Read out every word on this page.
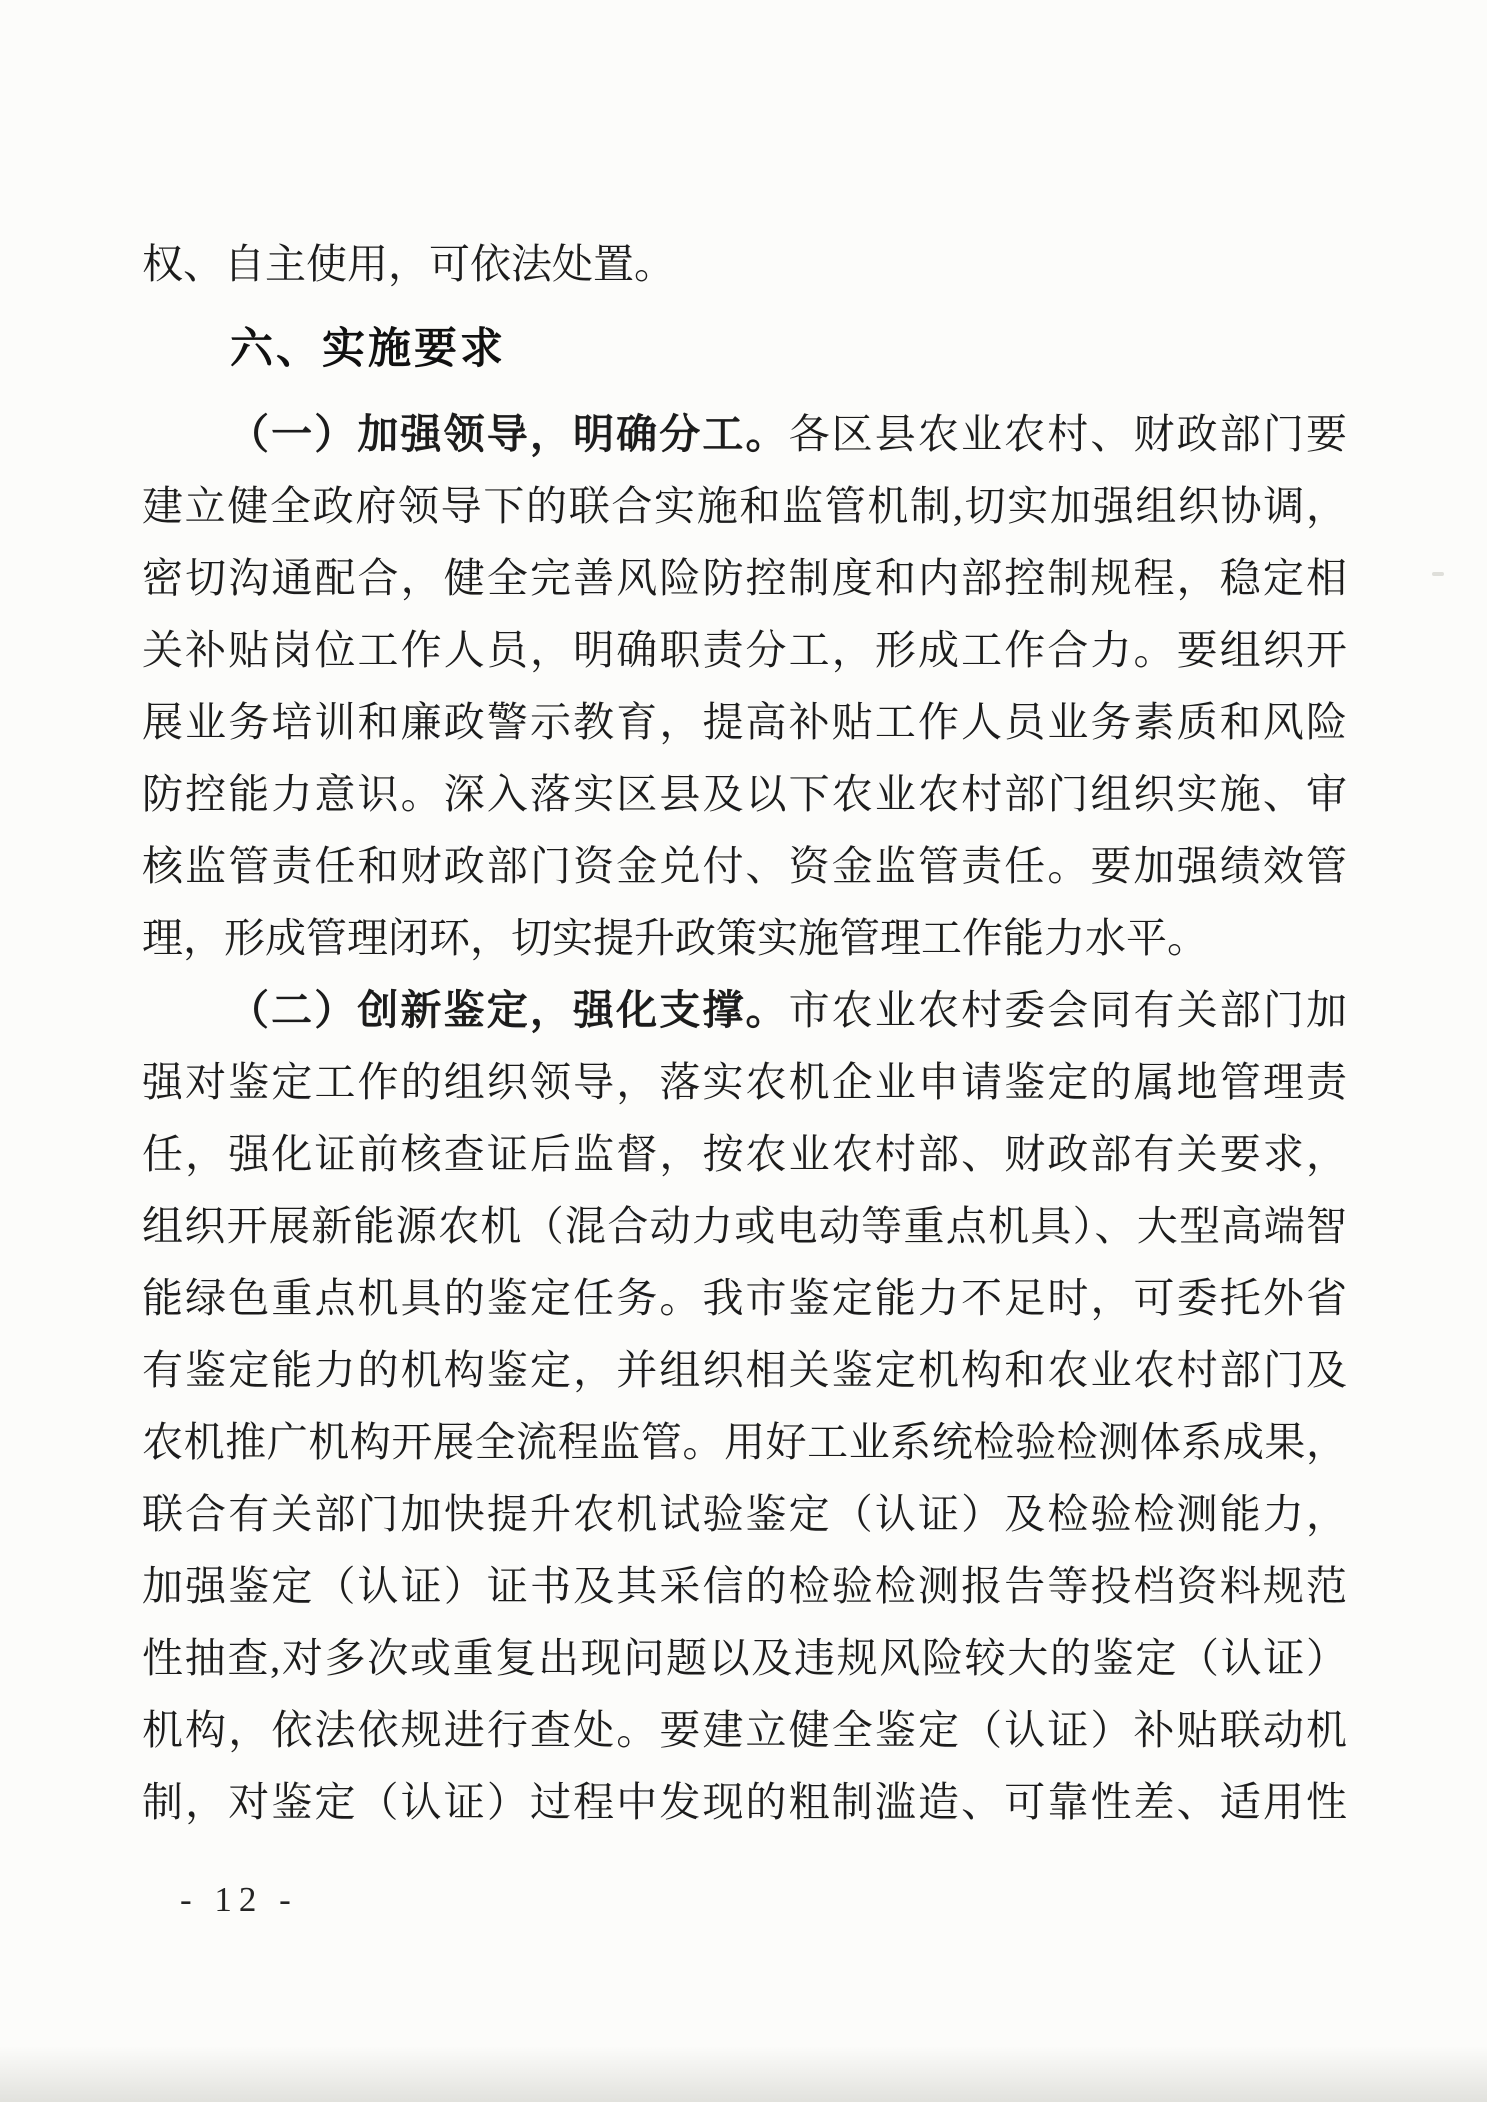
权、自主使用，可依法处置。
六、实施要求
（一）加强领导，明确分工。各区县农业农村、财政部门要
建立健全政府领导下的联合实施和监管机制,切实加强组织协调，
密切沟通配合，健全完善风险防控制度和内部控制规程，稳定相
关补贴岗位工作人员，明确职责分工，形成工作合力。要组织开
展业务培训和廉政警示教育，提高补贴工作人员业务素质和风险
防控能力意识。深入落实区县及以下农业农村部门组织实施、审
核监管责任和财政部门资金兑付、资金监管责任。要加强绩效管
理，形成管理闭环，切实提升政策实施管理工作能力水平。
（二）创新鉴定，强化支撑。市农业农村委会同有关部门加
强对鉴定工作的组织领导，落实农机企业申请鉴定的属地管理责
任，强化证前核查证后监督，按农业农村部、财政部有关要求，
组织开展新能源农机（混合动力或电动等重点机具）、大型高端智
能绿色重点机具的鉴定任务。我市鉴定能力不足时，可委托外省
有鉴定能力的机构鉴定，并组织相关鉴定机构和农业农村部门及
农机推广机构开展全流程监管。用好工业系统检验检测体系成果，
联合有关部门加快提升农机试验鉴定（认证）及检验检测能力，
加强鉴定（认证）证书及其采信的检验检测报告等投档资料规范
性抽查,对多次或重复出现问题以及违规风险较大的鉴定（认证）
机构，依法依规进行查处。要建立健全鉴定（认证）补贴联动机
制，对鉴定（认证）过程中发现的粗制滥造、可靠性差、适用性
- 12 -
